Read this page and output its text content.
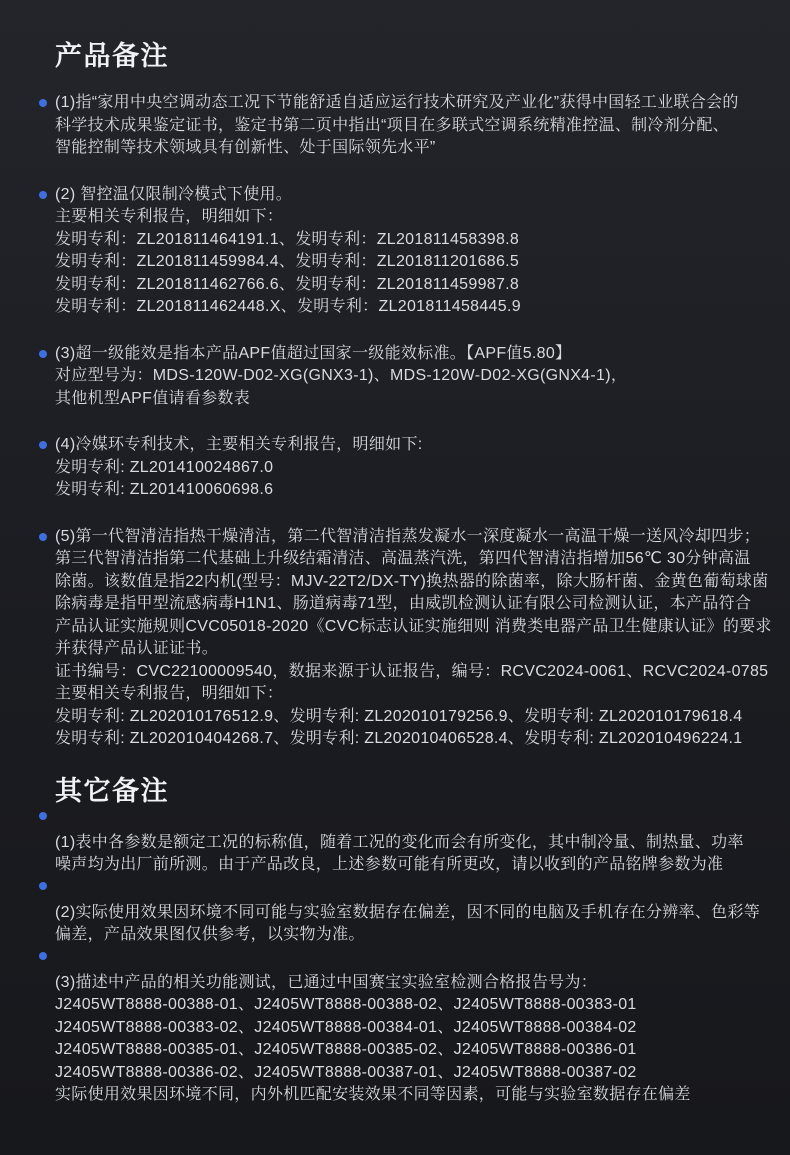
产品备注
(1)指“家用中央空调动态工况下节能舒适自适应运行技术研究及产业化”获得中国轻工业联合会的
科学技术成果鉴定证书，鉴定书第二页中指出“项目在多联式空调系统精准控温、制冷剂分配、
智能控制等技术领域具有创新性、处于国际领先水平”
(2) 智控温仅限制冷模式下使用。
主要相关专利报告，明细如下：
发明专利：ZL201811464191.1、发明专利：ZL201811458398.8
发明专利：ZL201811459984.4、发明专利：ZL201811201686.5
发明专利：ZL201811462766.6、发明专利：ZL201811459987.8
发明专利：ZL201811462448.X、发明专利：ZL201811458445.9
(3)超一级能效是指本产品APF值超过国家一级能效标准。【APF值5.80】
对应型号为：MDS-120W-D02-XG(GNX3-1)、MDS-120W-D02-XG(GNX4-1)，
其他机型APF值请看参数表
(4)冷媒环专利技术，主要相关专利报告，明细如下:
发明专利: ZL201410024867.0
发明专利: ZL201410060698.6
(5)第一代智清洁指热干燥清洁，第二代智清洁指蒸发凝水一深度凝水一高温干燥一送风冷却四步；
第三代智清洁指第二代基础上升级结霜清洁、高温蒸汽洗，第四代智清洁指增加56℃ 30分钟高温
除菌。该数值是指22内机(型号：MJV-22T2/DX-TY)换热器的除菌率，除大肠杆菌、金黄色葡萄球菌
除病毒是指甲型流感病毒H1N1、肠道病毒71型，由威凯检测认证有限公司检测认证，本产品符合
产品认证实施规则CVC05018-2020《CVC标志认证实施细则 消费类电器产品卫生健康认证》的要求
并获得产品认证证书。
证书编号：CVC22100009540，数据来源于认证报告，编号：RCVC2024-0061、RCVC2024-0785
主要相关专利报告，明细如下：
发明专利: ZL202010176512.9、发明专利: ZL202010179256.9、发明专利: ZL202010179618.4
发明专利: ZL202010404268.7、发明专利: ZL202010406528.4、发明专利: ZL202010496224.1
其它备注
(1)表中各参数是额定工况的标称值，随着工况的变化而会有所变化，其中制冷量、制热量、功率
噪声均为出厂前所测。由于产品改良，上述参数可能有所更改，请以收到的产品铭牌参数为准
(2)实际使用效果因环境不同可能与实验室数据存在偏差，因不同的电脑及手机存在分辨率、色彩等
偏差，产品效果图仅供参考，以实物为准。
(3)描述中产品的相关功能测试，已通过中国赛宝实验室检测合格报告号为：
J2405WT8888-00388-01、J2405WT8888-00388-02、J2405WT8888-00383-01
J2405WT8888-00383-02、J2405WT8888-00384-01、J2405WT8888-00384-02
J2405WT8888-00385-01、J2405WT8888-00385-02、J2405WT8888-00386-01
J2405WT8888-00386-02、J2405WT8888-00387-01、J2405WT8888-00387-02
实际使用效果因环境不同，内外机匹配安装效果不同等因素，可能与实验室数据存在偏差
